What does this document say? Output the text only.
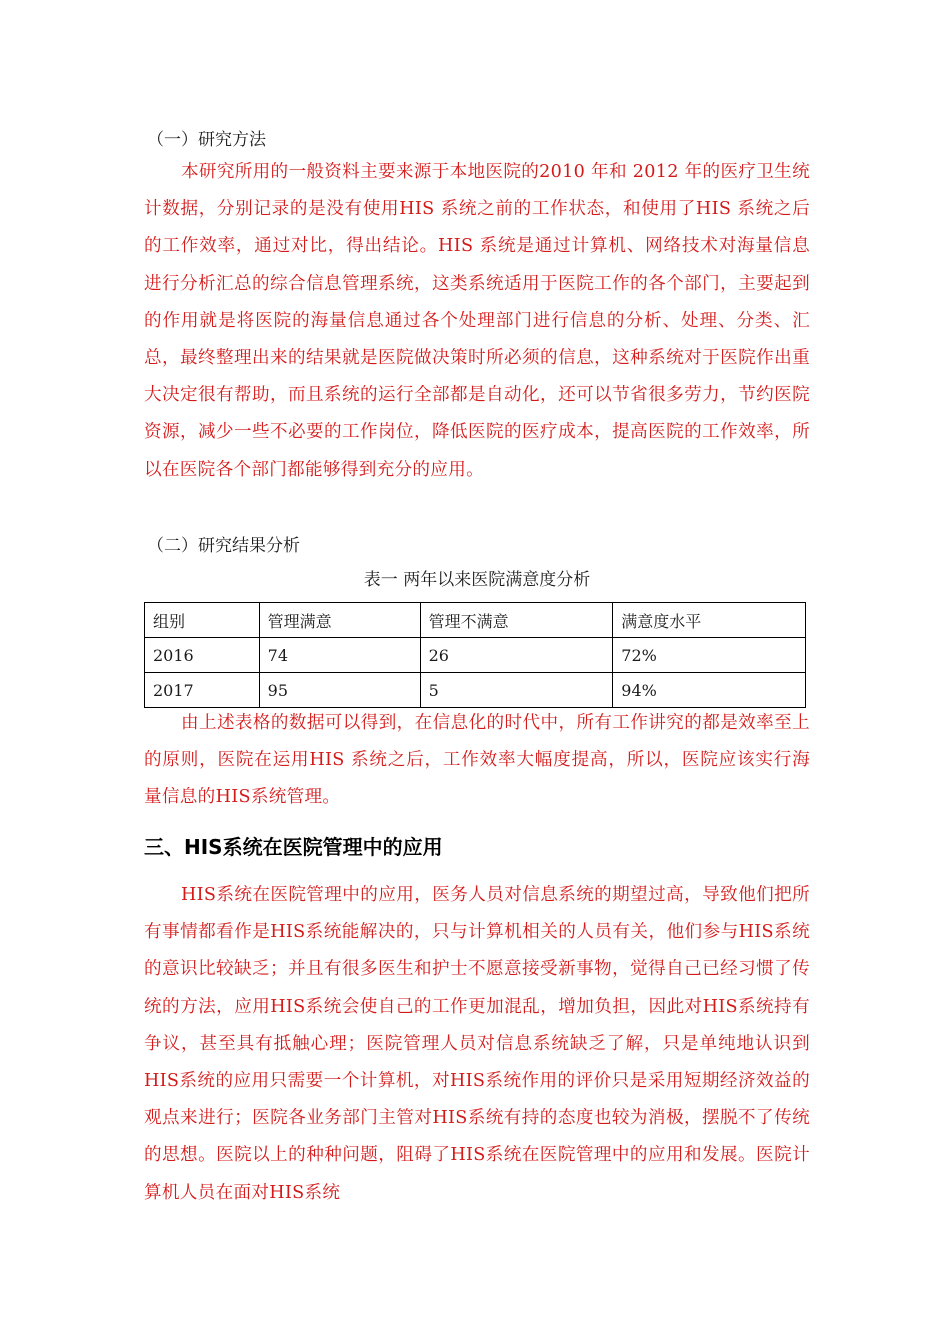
（一）研究方法

本研究所用的一般资料主要来源于本地医院的2010 年和 2012 年的医疗卫生统计数据，分别记录的是没有使用HIS 系统之前的工作状态，和使用了HIS 系统之后的工作效率，通过对比，得出结论。HIS 系统是通过计算机、网络技术对海量信息进行分析汇总的综合信息管理系统，这类系统适用于医院工作的各个部门，主要起到的作用就是将医院的海量信息通过各个处理部门进行信息的分析、处理、分类、汇总，最终整理出来的结果就是医院做决策时所必须的信息，这种系统对于医院作出重大决定很有帮助，而且系统的运行全部都是自动化，还可以节省很多劳力，节约医院资源，减少一些不必要的工作岗位，降低医院的医疗成本，提高医院的工作效率，所以在医院各个部门都能够得到充分的应用。

（二）研究结果分析
表一 两年以来医院满意度分析
组别	管理满意	管理不满意	满意度水平
2016	74	26	72%
2017	95	5	94%

由上述表格的数据可以得到，在信息化的时代中，所有工作讲究的都是效率至上的原则，医院在运用HIS 系统之后，工作效率大幅度提高，所以，医院应该实行海量信息的HIS系统管理。

三、HIS系统在医院管理中的应用

HIS系统在医院管理中的应用，医务人员对信息系统的期望过高，导致他们把所有事情都看作是HIS系统能解决的，只与计算机相关的人员有关，他们参与HIS系统的意识比较缺乏；并且有很多医生和护士不愿意接受新事物，觉得自己已经习惯了传统的方法，应用HIS系统会使自己的工作更加混乱，增加负担，因此对HIS系统持有争议，甚至具有抵触心理；医院管理人员对信息系统缺乏了解，只是单纯地认识到HIS系统的应用只需要一个计算机，对HIS系统作用的评价只是采用短期经济效益的观点来进行；医院各业务部门主管对HIS系统有持的态度也较为消极，摆脱不了传统的思想。医院以上的种种问题，阻碍了HIS系统在医院管理中的应用和发展。医院计算机人员在面对HIS系统
